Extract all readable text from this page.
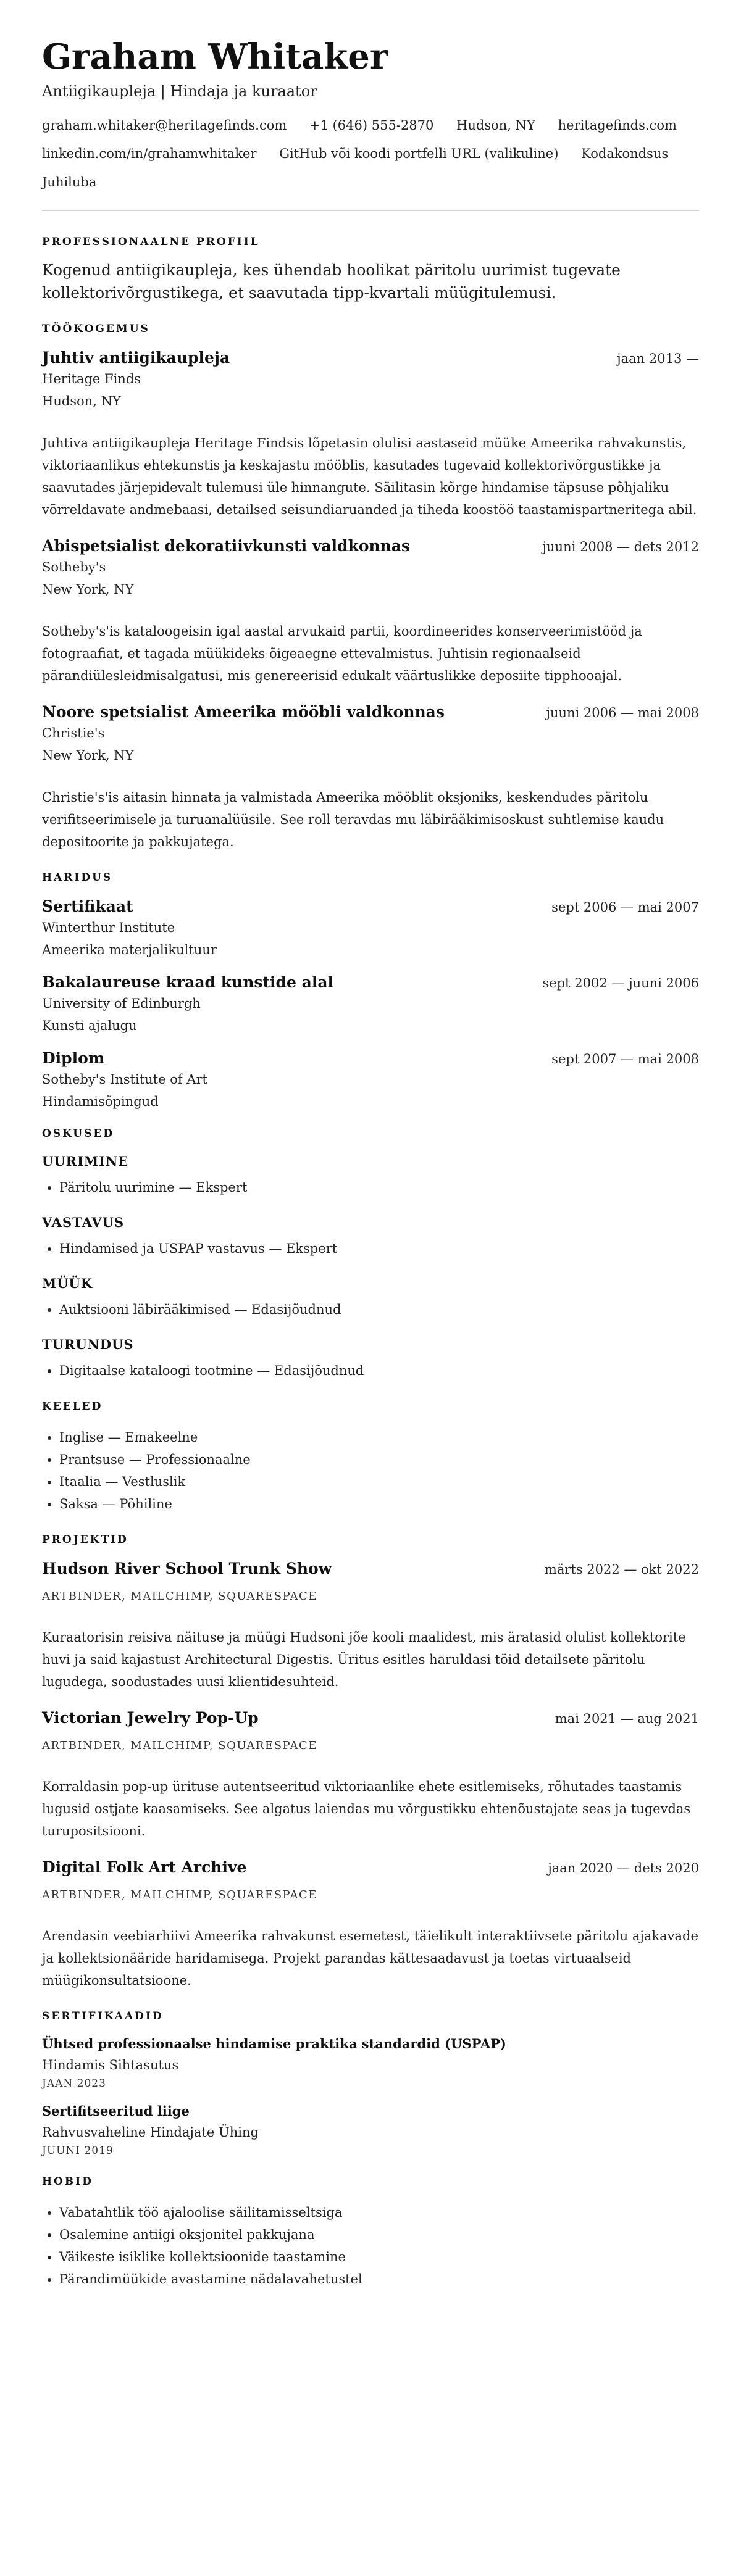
Graham Whitaker
Antiigikaupleja | Hindaja ja kuraator
graham.whitaker@heritagefinds.com +1 (646) 555-2870 Hudson, NY heritagefinds.com
linkedin.com/in/grahamwhitaker GitHub või koodi portfelli URL (valikuline) Kodakondsus
Juhiluba
PROFESSIONAALNE PROFIIL
Kogenud antiigikaupleja, kes ühendab hoolikat päritolu uurimist tugevate kollektorivõrgustikega, et saavutada tipp-kvartali müügitulemusi.
TÖÖKOGEMUS
Juhtiv antiigikaupleja	jaan 2013 —
Heritage Finds
Hudson, NY
Juhtiva antiigikaupleja Heritage Findsis lõpetasin olulisi aastaseid müüke Ameerika rahvakunstis, viktoriaanlikus ehtekunstis ja keskajastu mööblis, kasutades tugevaid kollektorivõrgustikke ja saavutades järjepidevalt tulemusi üle hinnangute. Säilitasin kõrge hindamise täpsuse põhjaliku võrreldavate andmebaasi, detailsed seisundiaruanded ja tiheda koostöö taastamispartneritega abil.
Abispetsialist dekoratiivkunsti valdkonnas	juuni 2008 — dets 2012
Sotheby's
New York, NY
Sotheby's'is kataloogeisin igal aastal arvukaid partii, koordineerides konserveerimistööd ja fotograafiat, et tagada müükideks õigeaegne ettevalmistus. Juhtisin regionaalseid pärandiülesleidmisalgatusi, mis genereerisid edukalt väärtuslikke deposiite tipphooajal.
Noore spetsialist Ameerika mööbli valdkonnas	juuni 2006 — mai 2008
Christie's
New York, NY
Christie's'is aitasin hinnata ja valmistada Ameerika mööblit oksjoniks, keskendudes päritolu verifitseerimisele ja turuanalüüsile. See roll teravdas mu läbirääkimisoskust suhtlemise kaudu depositoorite ja pakkujatega.
HARIDUS
Sertifikaat	sept 2006 — mai 2007
Winterthur Institute
Ameerika materjalikultuur
Bakalaureuse kraad kunstide alal	sept 2002 — juuni 2006
University of Edinburgh
Kunsti ajalugu
Diplom	sept 2007 — mai 2008
Sotheby's Institute of Art
Hindamisõpingud
OSKUSED
UURIMINE
• Päritolu uurimine — Ekspert
VASTAVUS
• Hindamised ja USPAP vastavus — Ekspert
MÜÜK
• Auktsiooni läbirääkimised — Edasijõudnud
TURUNDUS
• Digitaalse kataloogi tootmine — Edasijõudnud
KEELED
• Inglise — Emakeelne
• Prantsuse — Professionaalne
• Itaalia — Vestluslik
• Saksa — Põhiline
PROJEKTID
Hudson River School Trunk Show	märts 2022 — okt 2022
ARTBINDER, MAILCHIMP, SQUARESPACE
Kuraatorisin reisiva näituse ja müügi Hudsoni jõe kooli maalidest, mis äratasid olulist kollektorite huvi ja said kajastust Architectural Digestis. Üritus esitles haruldasi töid detailsete päritolu lugudega, soodustades uusi klientidesuhteid.
Victorian Jewelry Pop-Up	mai 2021 — aug 2021
ARTBINDER, MAILCHIMP, SQUARESPACE
Korraldasin pop-up ürituse autentseeritud viktoriaanlike ehete esitlemiseks, rõhutades taastamis lugusid ostjate kaasamiseks. See algatus laiendas mu võrgustikku ehtenõustajate seas ja tugevdas turupositsiooni.
Digital Folk Art Archive	jaan 2020 — dets 2020
ARTBINDER, MAILCHIMP, SQUARESPACE
Arendasin veebiarhiivi Ameerika rahvakunst esemetest, täielikult interaktiivsete päritolu ajakavade ja kollektsionääride haridamisega. Projekt parandas kättesaadavust ja toetas virtuaalseid müügikonsultatsioone.
SERTIFIKAADID
Ühtsed professionaalse hindamise praktika standardid (USPAP)
Hindamis Sihtasutus
JAAN 2023
Sertifitseeritud liige
Rahvusvaheline Hindajate Ühing
JUUNI 2019
HOBID
• Vabatahtlik töö ajaloolise säilitamisseltsiga
• Osalemine antiigi oksjonitel pakkujana
• Väikeste isiklike kollektsioonide taastamine
• Pärandimüükide avastamine nädalavahetustel
